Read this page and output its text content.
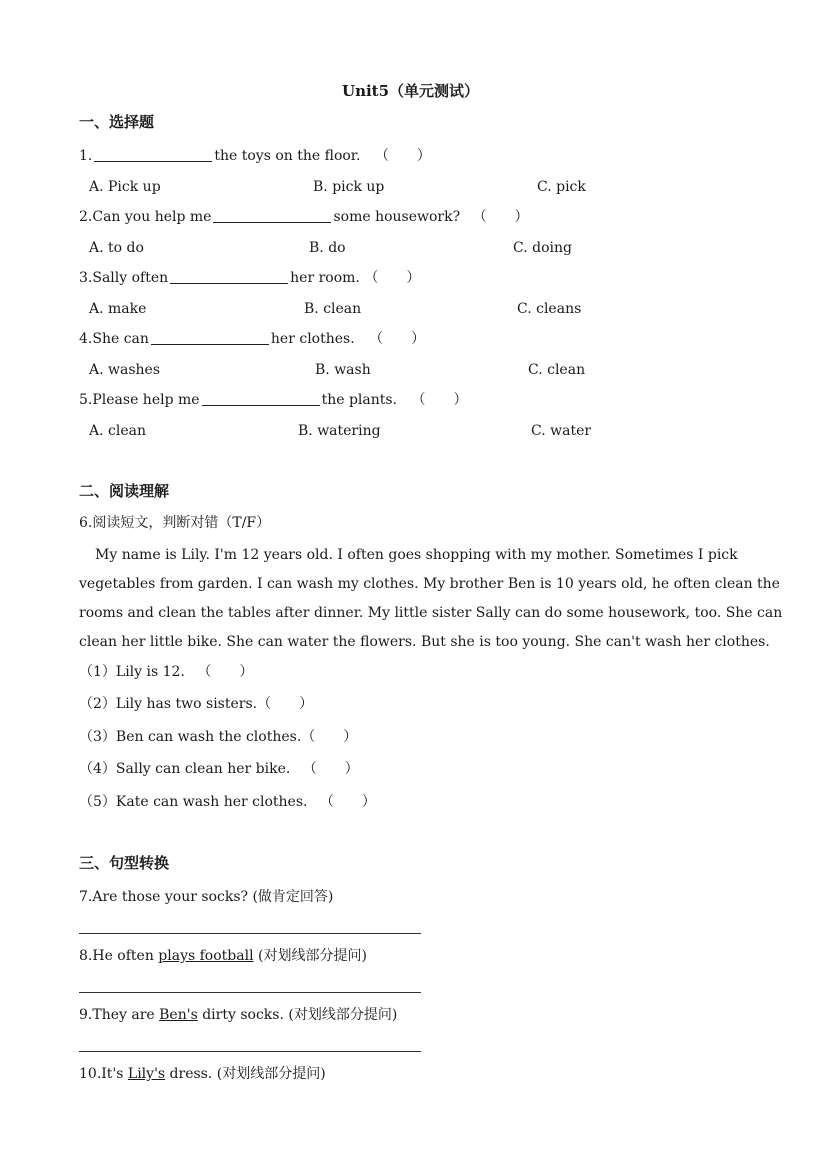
Unit5（单元测试）
一、选择题
1.	the toys on the floor. （　　）
A. Pick up	B. pick up	C. pick
2.Can you help me	some housework? （　　）
A. to do	B. do	C. doing
3.Sally often	her room. （　　）
A. make	B. clean	C. cleans
4.She can	her clothes. （　　）
A. washes	B. wash	C. clean
5.Please help me	the plants. （　　）
A. clean	B. watering	C. water
二、阅读理解
6.阅读短文，判断对错（T/F）
My name is Lily. I'm 12 years old. I often goes shopping with my mother. Sometimes I pick
vegetables from garden. I can wash my clothes. My brother Ben is 10 years old, he often clean the
rooms and clean the tables after dinner. My little sister Sally can do some housework, too. She can
clean her little bike. She can water the flowers. But she is too young. She can't wash her clothes.
（1）Lily is 12. （　　）
（2）Lily has two sisters.（　　）
（3）Ben can wash the clothes.（　　）
（4）Sally can clean her bike. （　　）
（5）Kate can wash her clothes. （　　）
三、句型转换
7.Are those your socks? (做肯定回答)
8.He often plays football (对划线部分提问)
9.They are Ben's dirty socks. (对划线部分提问)
10.It's Lily's dress. (对划线部分提问)
